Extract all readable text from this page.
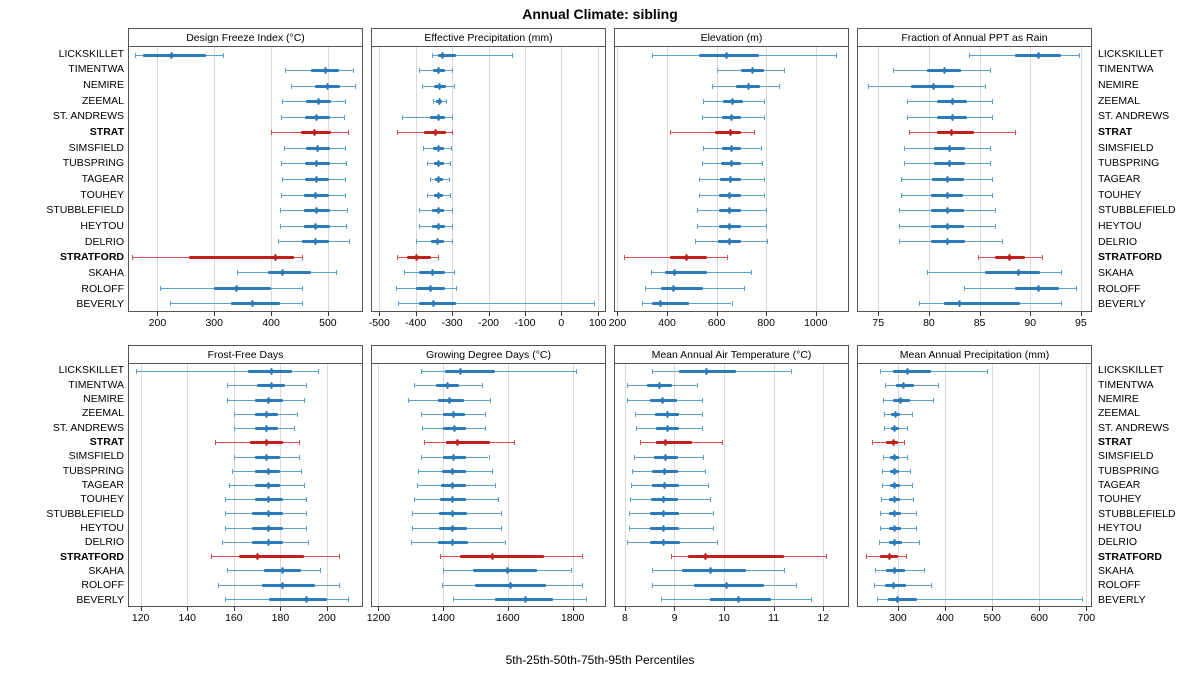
Annual Climate: sibling
5th-25th-50th-75th-95th Percentiles
Design Freeze Index (°C)
200	300	400	500
Effective Precipitation (mm)
-500 -400 -300 -200 -100 0 100
Elevation (m)
200	400	600	800	1000
Fraction of Annual PPT as Rain
75	80	85	90	95
LICKSKILLET
TIMENTWA
NEMIRE
ZEEMAL
ST. ANDREWS
STRAT
SIMSFIELD
TUBSPRING
TAGEAR
TOUHEY
STUBBLEFIELD
HEYTOU
DELRIO
STRATFORD
SKAHA
ROLOFF
BEVERLY
LICKSKILLET
TIMENTWA
NEMIRE
ZEEMAL
ST. ANDREWS
STRAT
SIMSFIELD
TUBSPRING
TAGEAR
TOUHEY
STUBBLEFIELD
HEYTOU
DELRIO
STRATFORD
SKAHA
ROLOFF
BEVERLY
Frost-Free Days
120	140	160	180	200
Growing Degree Days (°C)
1200	1400	1600	1800
Mean Annual Air Temperature (°C)
8	9	10	11	12
Mean Annual Precipitation (mm)
300	400	500	600	700
LICKSKILLET
TIMENTWA
NEMIRE
ZEEMAL
ST. ANDREWS
STRAT
SIMSFIELD
TUBSPRING
TAGEAR
TOUHEY
STUBBLEFIELD
HEYTOU
DELRIO
STRATFORD
SKAHA
ROLOFF
BEVERLY
LICKSKILLET
TIMENTWA
NEMIRE
ZEEMAL
ST. ANDREWS
STRAT
SIMSFIELD
TUBSPRING
TAGEAR
TOUHEY
STUBBLEFIELD
HEYTOU
DELRIO
STRATFORD
SKAHA
ROLOFF
BEVERLY
